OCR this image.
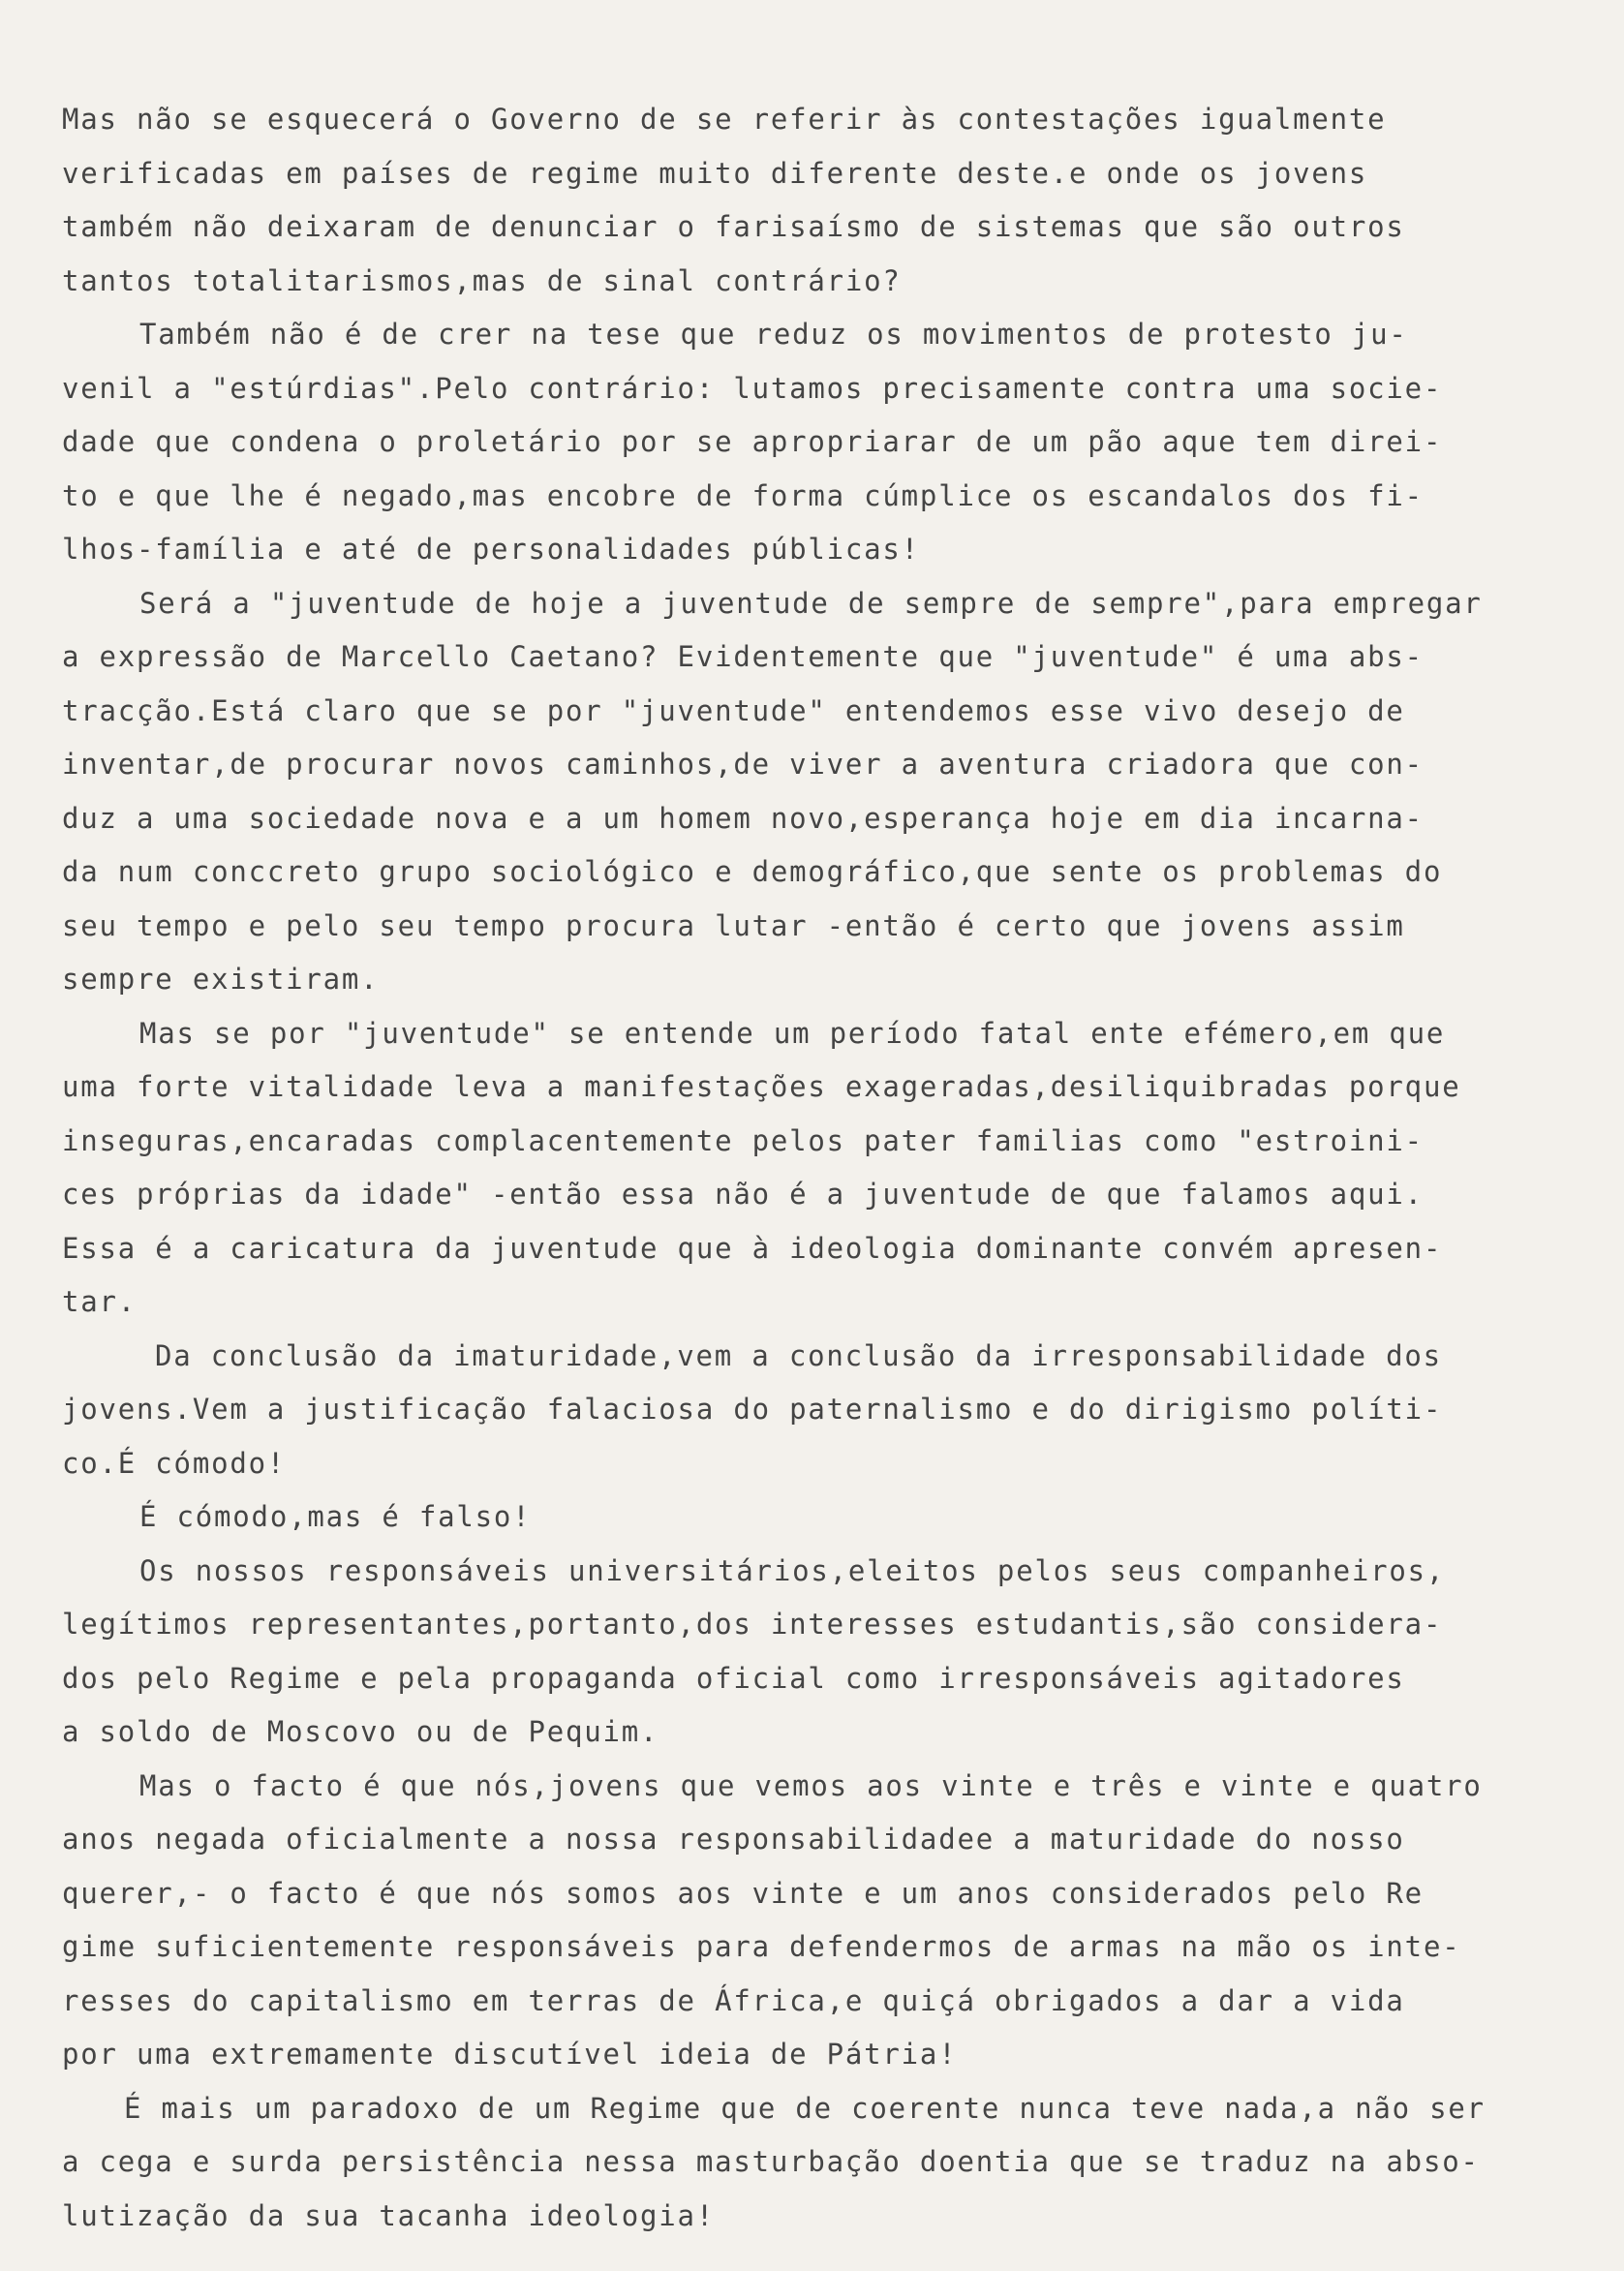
Mas não se esquecerá o Governo de se referir às contestações igualmente
verificadas em países de regime muito diferente deste.e onde os jovens
também não deixaram de denunciar o farisaísmo de sistemas que são outros
tantos totalitarismos,mas de sinal contrário?
Também não é de crer na tese que reduz os movimentos de protesto ju-
venil a "estúrdias".Pelo contrário: lutamos precisamente contra uma socie-
dade que condena o proletário por se apropriarar de um pão aque tem direi-
to e que lhe é negado,mas encobre de forma cúmplice os escandalos dos fi-
lhos-família e até de personalidades públicas!
Será a "juventude de hoje a juventude de sempre de sempre",para empregar
a expressão de Marcello Caetano? Evidentemente que "juventude" é uma abs-
tracção.Está claro que se por "juventude" entendemos esse vivo desejo de
inventar,de procurar novos caminhos,de viver a aventura criadora que con-
duz a uma sociedade nova e a um homem novo,esperança hoje em dia incarna-
da num conccreto grupo sociológico e demográfico,que sente os problemas do
seu tempo e pelo seu tempo procura lutar -então é certo que jovens assim
sempre existiram.
Mas se por "juventude" se entende um período fatal ente efémero,em que
uma forte vitalidade leva a manifestações exageradas,desiliquibradas porque
inseguras,encaradas complacentemente pelos pater familias como "estroini-
ces próprias da idade" -então essa não é a juventude de que falamos aqui.
Essa é a caricatura da juventude que à ideologia dominante convém apresen-
tar.
Da conclusão da imaturidade,vem a conclusão da irresponsabilidade dos
jovens.Vem a justificação falaciosa do paternalismo e do dirigismo políti-
co.É cómodo!
É cómodo,mas é falso!
Os nossos responsáveis universitários,eleitos pelos seus companheiros,
legítimos representantes,portanto,dos interesses estudantis,são considera-
dos pelo Regime e pela propaganda oficial como irresponsáveis agitadores
a soldo de Moscovo ou de Pequim.
Mas o facto é que nós,jovens que vemos aos vinte e três e vinte e quatro
anos negada oficialmente a nossa responsabilidadee a maturidade do nosso
querer,- o facto é que nós somos aos vinte e um anos considerados pelo Re
gime suficientemente responsáveis para defendermos de armas na mão os inte-
resses do capitalismo em terras de África,e quiçá obrigados a dar a vida
por uma extremamente discutível ideia de Pátria!
É mais um paradoxo de um Regime que de coerente nunca teve nada,a não ser
a cega e surda persistência nessa masturbação doentia que se traduz na abso-
lutização da sua tacanha ideologia!
